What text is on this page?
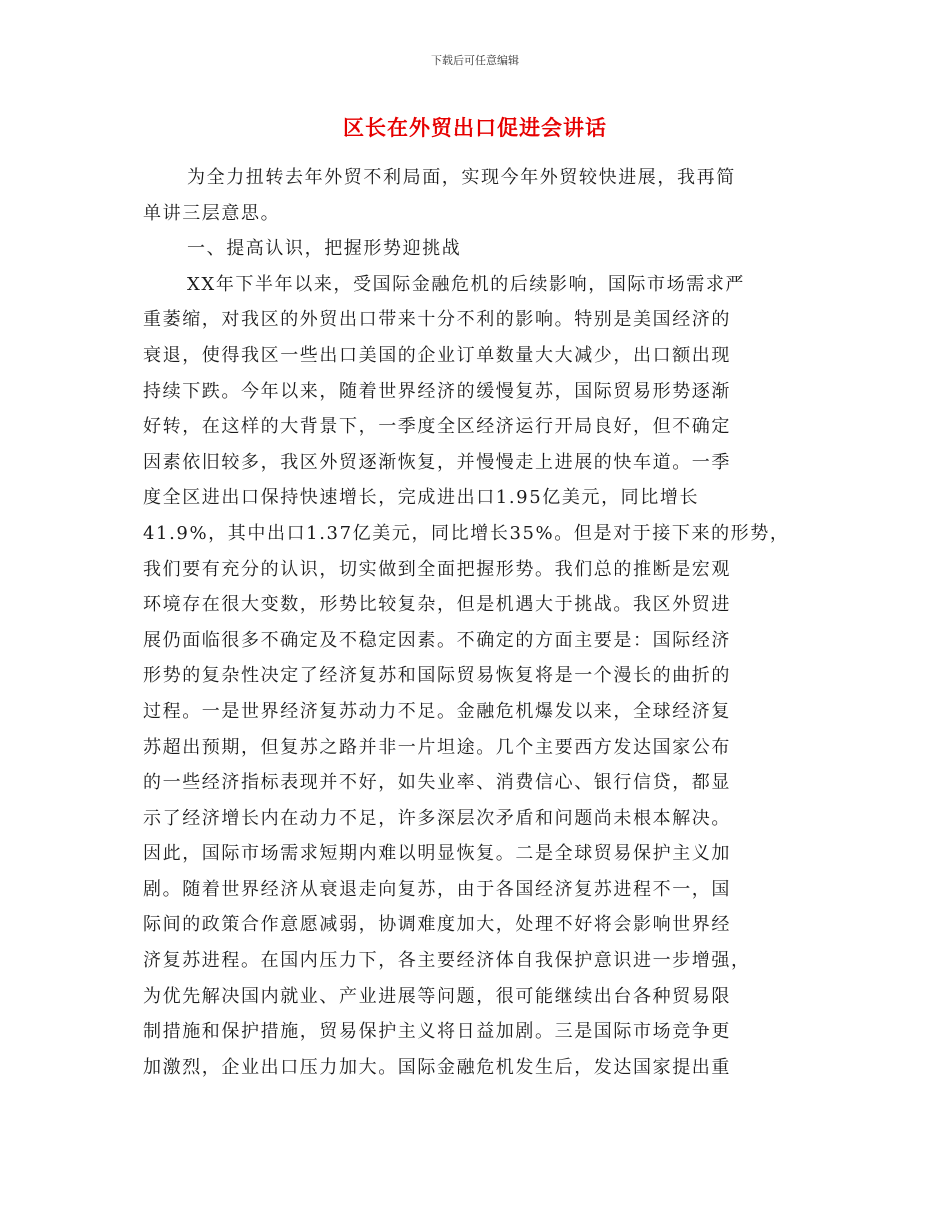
下载后可任意编辑
区长在外贸出口促进会讲话
为全力扭转去年外贸不利局面，实现今年外贸较快进展，我再简
单讲三层意思。
一、提高认识，把握形势迎挑战
XX年下半年以来，受国际金融危机的后续影响，国际市场需求严
重萎缩，对我区的外贸出口带来十分不利的影响。特别是美国经济的
衰退，使得我区一些出口美国的企业订单数量大大减少，出口额出现
持续下跌。今年以来，随着世界经济的缓慢复苏，国际贸易形势逐渐
好转，在这样的大背景下，一季度全区经济运行开局良好，但不确定
因素依旧较多，我区外贸逐渐恢复，并慢慢走上进展的快车道。一季
度全区进出口保持快速增长，完成进出口1.95亿美元，同比增长
41.9%，其中出口1.37亿美元，同比增长35%。但是对于接下来的形势，
我们要有充分的认识，切实做到全面把握形势。我们总的推断是宏观
环境存在很大变数，形势比较复杂，但是机遇大于挑战。我区外贸进
展仍面临很多不确定及不稳定因素。不确定的方面主要是：国际经济
形势的复杂性决定了经济复苏和国际贸易恢复将是一个漫长的曲折的
过程。一是世界经济复苏动力不足。金融危机爆发以来，全球经济复
苏超出预期，但复苏之路并非一片坦途。几个主要西方发达国家公布
的一些经济指标表现并不好，如失业率、消费信心、银行信贷，都显
示了经济增长内在动力不足，许多深层次矛盾和问题尚未根本解决。
因此，国际市场需求短期内难以明显恢复。二是全球贸易保护主义加
剧。随着世界经济从衰退走向复苏，由于各国经济复苏进程不一，国
际间的政策合作意愿减弱，协调难度加大，处理不好将会影响世界经
济复苏进程。在国内压力下，各主要经济体自我保护意识进一步增强，
为优先解决国内就业、产业进展等问题，很可能继续出台各种贸易限
制措施和保护措施，贸易保护主义将日益加剧。三是国际市场竞争更
加激烈，企业出口压力加大。国际金融危机发生后，发达国家提出重
